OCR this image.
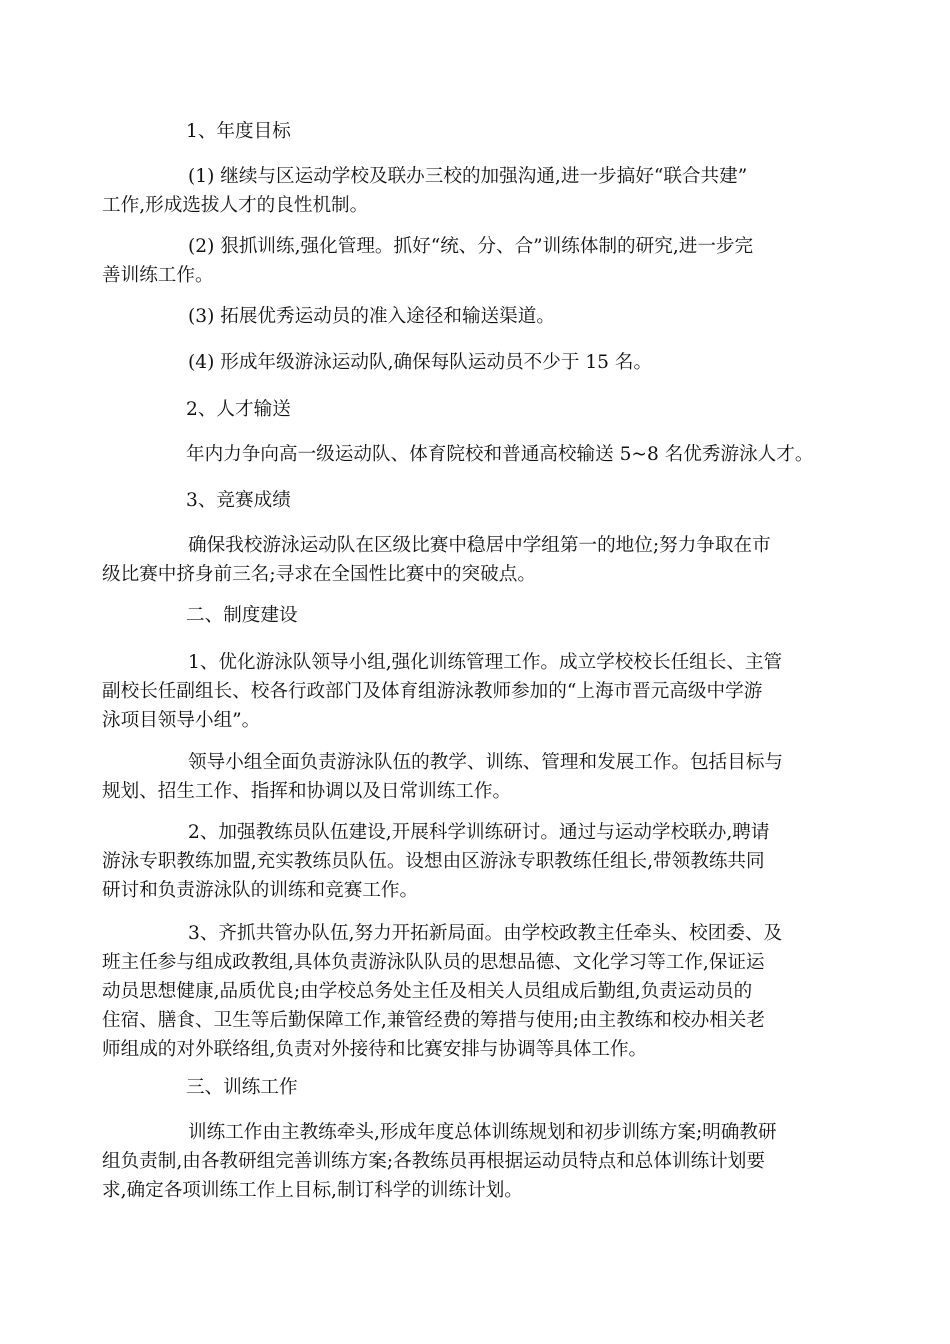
1、年度目标

(1) 继续与区运动学校及联办三校的加强沟通,进一步搞好“联合共建”
工作,形成选拔人才的良性机制。

(2) 狠抓训练,强化管理。抓好“统、分、合”训练体制的研究,进一步完
善训练工作。

(3) 拓展优秀运动员的准入途径和输送渠道。

(4) 形成年级游泳运动队,确保每队运动员不少于 15 名。

2、人才输送

年内力争向高一级运动队、体育院校和普通高校输送 5~8 名优秀游泳人才。

3、竞赛成绩

确保我校游泳运动队在区级比赛中稳居中学组第一的地位;努力争取在市
级比赛中挤身前三名;寻求在全国性比赛中的突破点。

二、制度建设

1、优化游泳队领导小组,强化训练管理工作。成立学校校长任组长、主管
副校长任副组长、校各行政部门及体育组游泳教师参加的“上海市晋元高级中学游
泳项目领导小组”。

领导小组全面负责游泳队伍的教学、训练、管理和发展工作。包括目标与
规划、招生工作、指挥和协调以及日常训练工作。

2、加强教练员队伍建设,开展科学训练研讨。通过与运动学校联办,聘请
游泳专职教练加盟,充实教练员队伍。设想由区游泳专职教练任组长,带领教练共同
研讨和负责游泳队的训练和竞赛工作。

3、齐抓共管办队伍,努力开拓新局面。由学校政教主任牵头、校团委、及
班主任参与组成政教组,具体负责游泳队队员的思想品德、文化学习等工作,保证运
动员思想健康,品质优良;由学校总务处主任及相关人员组成后勤组,负责运动员的
住宿、膳食、卫生等后勤保障工作,兼管经费的筹措与使用;由主教练和校办相关老
师组成的对外联络组,负责对外接待和比赛安排与协调等具体工作。

三、训练工作

训练工作由主教练牵头,形成年度总体训练规划和初步训练方案;明确教研
组负责制,由各教研组完善训练方案;各教练员再根据运动员特点和总体训练计划要
求,确定各项训练工作上目标,制订科学的训练计划。
